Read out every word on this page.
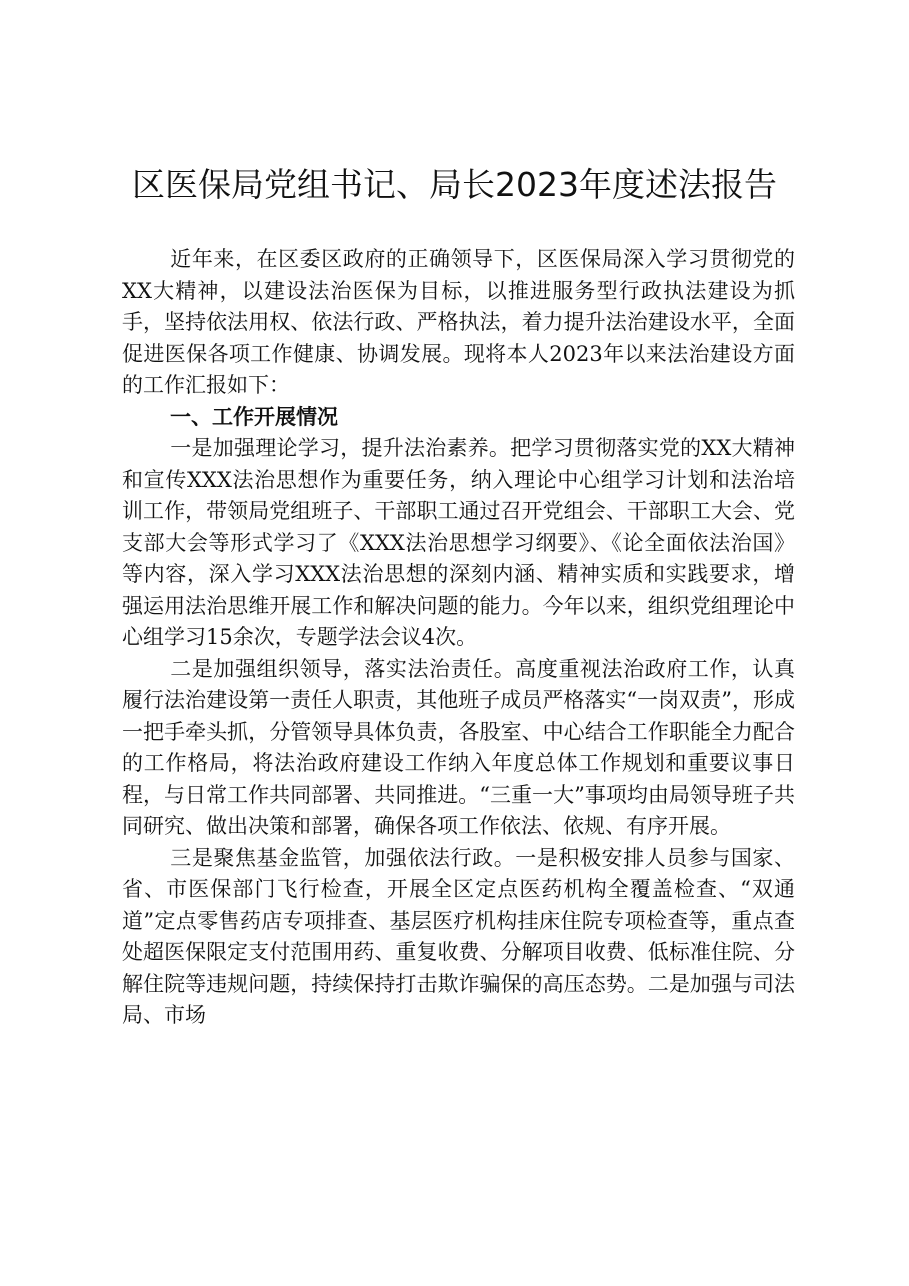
区医保局党组书记、局长2023年度述法报告

近年来，在区委区政府的正确领导下，区医保局深入学习贯彻党的XX大精神，以建设法治医保为目标，以推进服务型行政执法建设为抓手，坚持依法用权、依法行政、严格执法，着力提升法治建设水平，全面促进医保各项工作健康、协调发展。现将本人2023年以来法治建设方面的工作汇报如下：

一、工作开展情况

一是加强理论学习，提升法治素养。把学习贯彻落实党的XX大精神和宣传XXX法治思想作为重要任务，纳入理论中心组学习计划和法治培训工作，带领局党组班子、干部职工通过召开党组会、干部职工大会、党支部大会等形式学习了《XXX法治思想学习纲要》、《论全面依法治国》等内容，深入学习XXX法治思想的深刻内涵、精神实质和实践要求，增强运用法治思维开展工作和解决问题的能力。今年以来，组织党组理论中心组学习15余次，专题学法会议4次。

二是加强组织领导，落实法治责任。高度重视法治政府工作，认真履行法治建设第一责任人职责，其他班子成员严格落实“一岗双责”，形成一把手牵头抓，分管领导具体负责，各股室、中心结合工作职能全力配合的工作格局，将法治政府建设工作纳入年度总体工作规划和重要议事日程，与日常工作共同部署、共同推进。“三重一大”事项均由局领导班子共同研究、做出决策和部署，确保各项工作依法、依规、有序开展。

三是聚焦基金监管，加强依法行政。一是积极安排人员参与国家、省、市医保部门飞行检查，开展全区定点医药机构全覆盖检查、“双通道”定点零售药店专项排查、基层医疗机构挂床住院专项检查等，重点查处超医保限定支付范围用药、重复收费、分解项目收费、低标准住院、分解住院等违规问题，持续保持打击欺诈骗保的高压态势。二是加强与司法局、市场
